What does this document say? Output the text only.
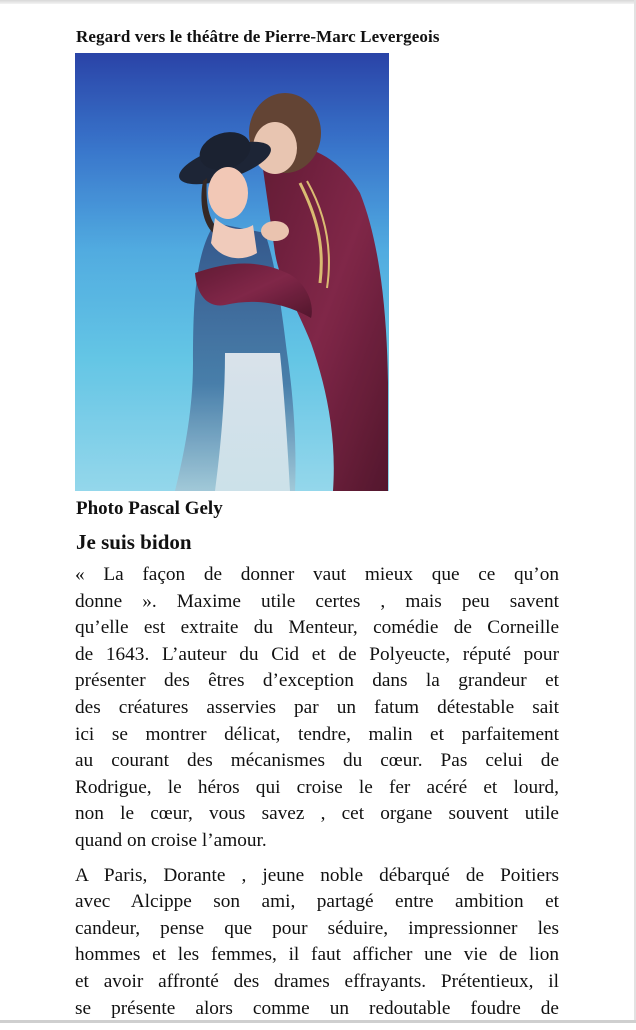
Regard vers le théâtre de Pierre-Marc Levergeois
Photo Pascal Gely
Je suis bidon

« La façon de donner vaut mieux que ce qu’on
donne ». Maxime utile certes , mais peu savent
qu’elle est extraite du Menteur, comédie de Corneille
de 1643. L’auteur du Cid et de Polyeucte, réputé pour
présenter des êtres d’exception dans la grandeur et
des créatures asservies par un fatum détestable sait
ici se montrer délicat, tendre, malin et parfaitement
au courant des mécanismes du cœur. Pas celui de
Rodrigue, le héros qui croise le fer acéré et lourd,
non le cœur, vous savez , cet organe souvent utile
quand on croise l’amour.

A Paris, Dorante , jeune noble débarqué de Poitiers
avec Alcippe son ami, partagé entre ambition et
candeur, pense que pour séduire, impressionner les
hommes et les femmes, il faut afficher une vie de lion
et avoir affronté des drames effrayants. Prétentieux, il
se présente alors comme un redoutable foudre de
